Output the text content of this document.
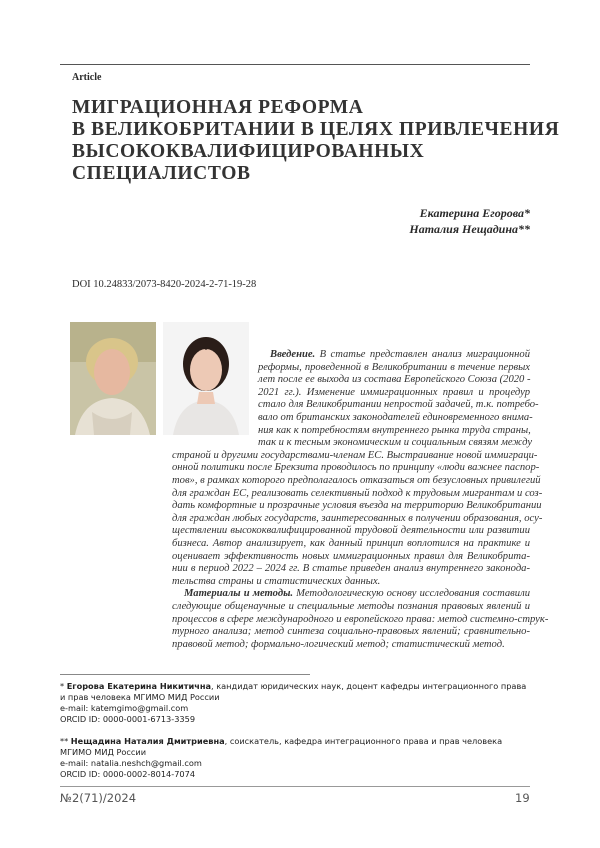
Article
МИГРАЦИОННАЯ РЕФОРМА
В ВЕЛИКОБРИТАНИИ В ЦЕЛЯХ ПРИВЛЕЧЕНИЯ
ВЫСОКОКВАЛИФИЦИРОВАННЫХ
СПЕЦИАЛИСТОВ
Екатерина Егорова*
Наталия Нещадина**
DOI 10.24833/2073-8420-2024-2-71-19-28
Введение. В статье представлен анализ миграционной
реформы, проведенной в Великобритании в течение первых
лет после ее выхода из состава Европейского Союза (2020 -
2021 гг.). Изменение иммиграционных правил и процедур
стало для Великобритании непростой задачей, т.к. потребо-
вало от британских законодателей единовременного внима-
ния как к потребностям внутреннего рынка труда страны,
так и к тесным экономическим и социальным связям между
страной и другими государствами-членам ЕС. Выстраивание новой иммиграци-
онной политики после Брекзита проводилось по принципу «люди важнее паспор-
тов», в рамках которого предполагалось отказаться от безусловных привилегий
для граждан ЕС, реализовать селективный подход к трудовым мигрантам и соз-
дать комфортные и прозрачные условия въезда на территорию Великобритании
для граждан любых государств, заинтересованных в получении образования, осу-
ществлении высококвалифицированной трудовой деятельности или развитии
бизнеса. Автор анализирует, как данный принцип воплотился на практике и
оценивает эффективность новых иммиграционных правил для Великобрита-
нии в период 2022 – 2024 гг. В статье приведен анализ внутреннего законода-
тельства страны и статистических данных.
Материалы и методы. Методологическую основу исследования составили
следующие общенаучные и специальные методы познания правовых явлений и
процессов в сфере международного и европейского права: метод системно-струк-
турного анализа; метод синтеза социально-правовых явлений; сравнительно-
правовой метод; формально-логический метод; статистический метод.

* Егорова Екатерина Никитична, кандидат юридических наук, доцент кафедры интеграционного права и прав человека МГИМО МИД России

e-mail: katemgimo@gmail.com

ORCID ID: 0000-0001-6713-3359

** Нещадина Наталия Дмитриевна, соискатель, кафедра интеграционного права и прав человека МГИМО МИД России

e-mail: natalia.neshch@gmail.com

ORCID ID: 0000-0002-8014-7074

№2(71)/2024	19
